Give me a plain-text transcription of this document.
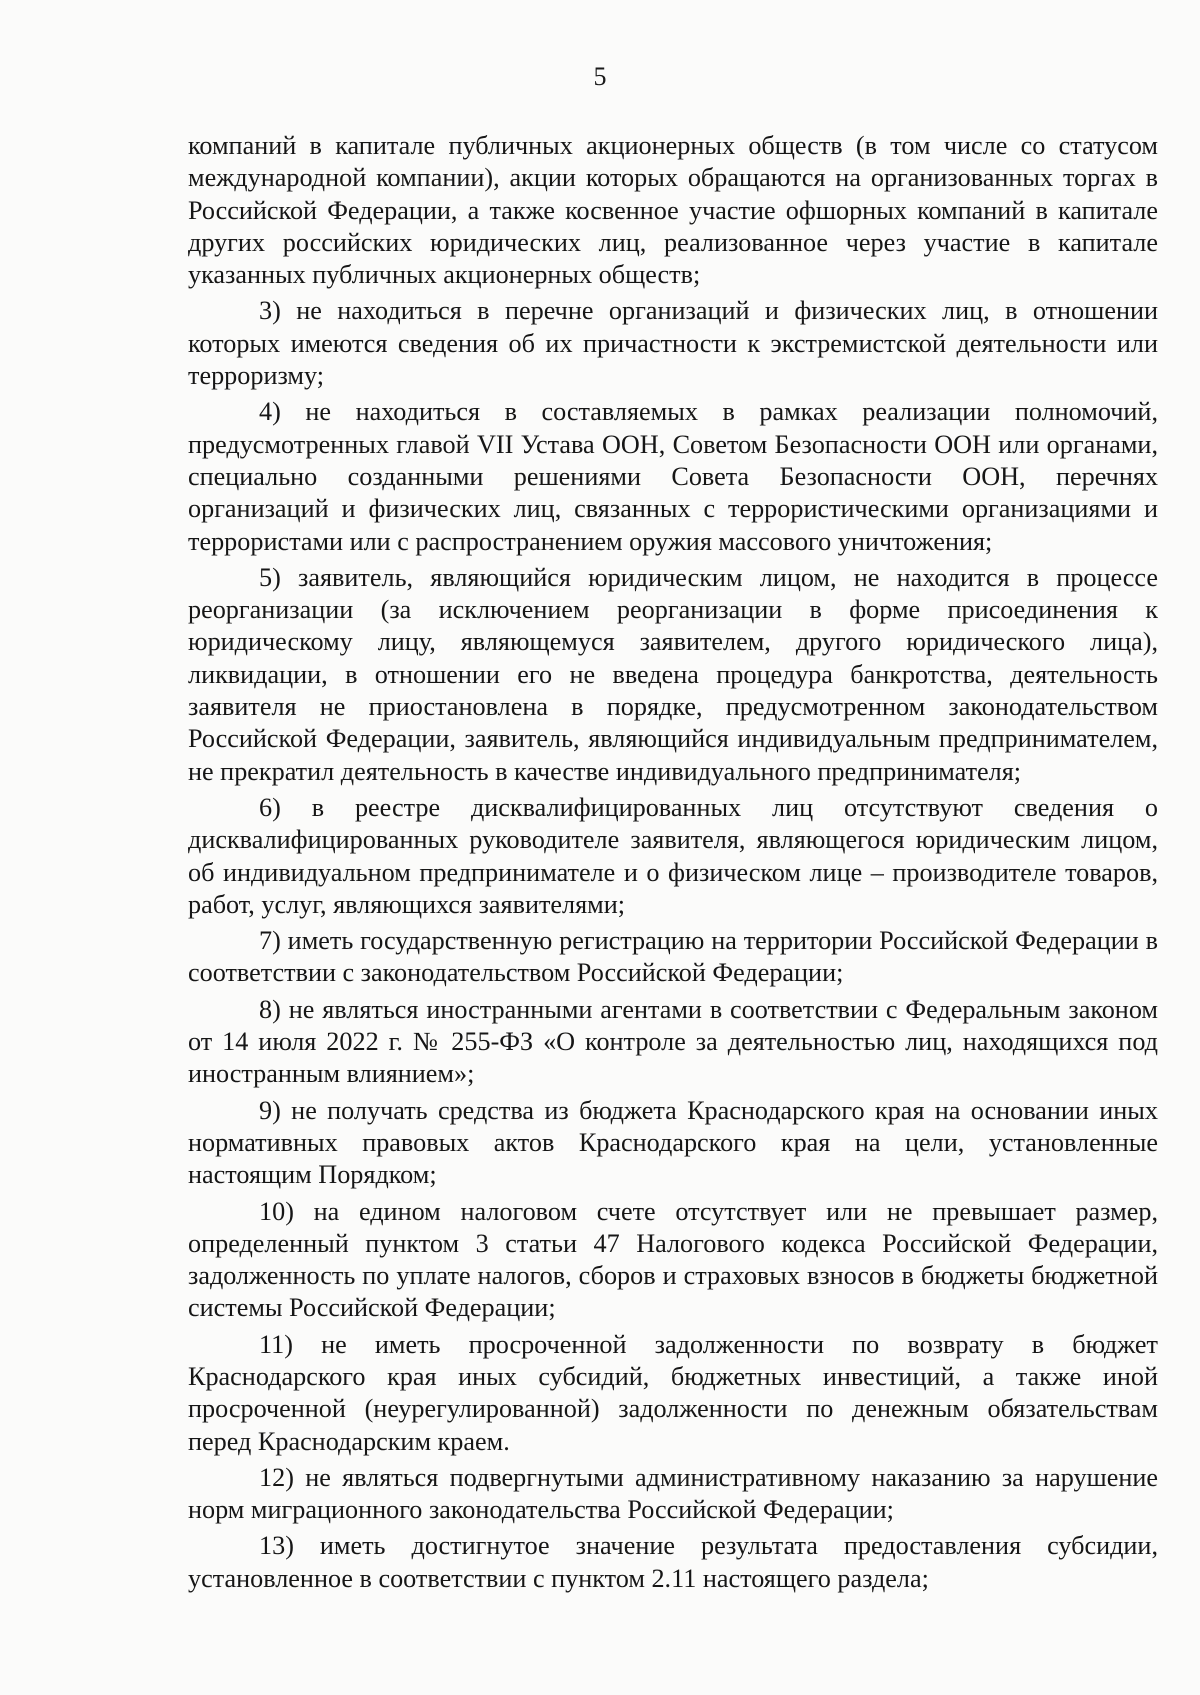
5

компаний в капитале публичных акционерных обществ (в том числе со статусом международной компании), акции которых обращаются на организованных торгах в Российской Федерации, а также косвенное участие офшорных компаний в капитале других российских юридических лиц, реализованное через участие в капитале указанных публичных акционерных обществ;

3) не находиться в перечне организаций и физических лиц, в отношении которых имеются сведения об их причастности к экстремистской деятельности или терроризму;

4) не находиться в составляемых в рамках реализации полномочий, предусмотренных главой VII Устава ООН, Советом Безопасности ООН или органами, специально созданными решениями Совета Безопасности ООН, перечнях организаций и физических лиц, связанных с террористическими организациями и террористами или с распространением оружия массового уничтожения;

5) заявитель, являющийся юридическим лицом, не находится в процессе реорганизации (за исключением реорганизации в форме присоединения к юридическому лицу, являющемуся заявителем, другого юридического лица), ликвидации, в отношении его не введена процедура банкротства, деятельность заявителя не приостановлена в порядке, предусмотренном законодательством Российской Федерации, заявитель, являющийся индивидуальным предпринимателем, не прекратил деятельность в качестве индивидуального предпринимателя;

6) в реестре дисквалифицированных лиц отсутствуют сведения о дисквалифицированных руководителе заявителя, являющегося юридическим лицом, об индивидуальном предпринимателе и о физическом лице – производителе товаров, работ, услуг, являющихся заявителями;

7) иметь государственную регистрацию на территории Российской Федерации в соответствии с законодательством Российской Федерации;

8) не являться иностранными агентами в соответствии с Федеральным законом от 14 июля 2022 г. № 255-ФЗ «О контроле за деятельностью лиц, находящихся под иностранным влиянием»;

9) не получать средства из бюджета Краснодарского края на основании иных нормативных правовых актов Краснодарского края на цели, установленные настоящим Порядком;

10) на едином налоговом счете отсутствует или не превышает размер, определенный пунктом 3 статьи 47 Налогового кодекса Российской Федерации, задолженность по уплате налогов, сборов и страховых взносов в бюджеты бюджетной системы Российской Федерации;

11) не иметь просроченной задолженности по возврату в бюджет Краснодарского края иных субсидий, бюджетных инвестиций, а также иной просроченной (неурегулированной) задолженности по денежным обязательствам перед Краснодарским краем.

12) не являться подвергнутыми административному наказанию за нарушение норм миграционного законодательства Российской Федерации;

13) иметь достигнутое значение результата предоставления субсидии, установленное в соответствии с пунктом 2.11 настоящего раздела;
